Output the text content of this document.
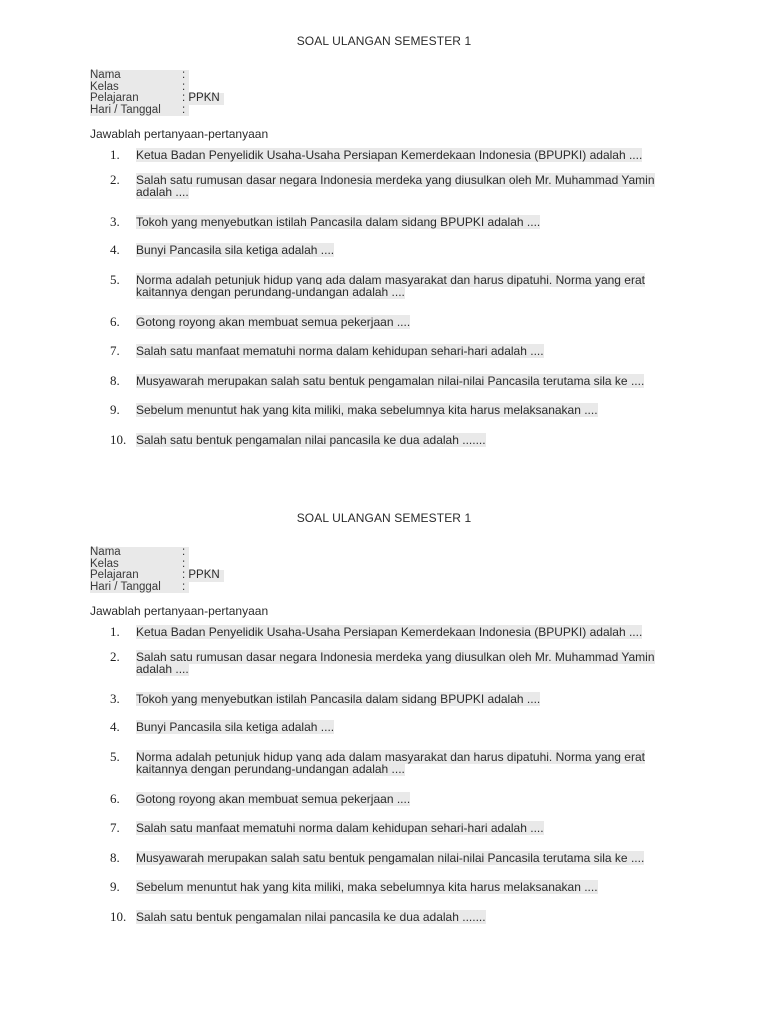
SOAL ULANGAN SEMESTER 1
Nama	:
Kelas	:
Pelajaran	: PPKN
Hari / Tanggal	:
Jawablah pertanyaan-pertanyaan
1.	Ketua Badan Penyelidik Usaha-Usaha Persiapan Kemerdekaan Indonesia (BPUPKI) adalah ....
2.	Salah satu rumusan dasar negara Indonesia merdeka yang diusulkan oleh Mr. Muhammad Yamin adalah ....
3.	Tokoh yang menyebutkan istilah Pancasila dalam sidang BPUPKI adalah ....
4.	Bunyi Pancasila sila ketiga adalah ....
5.	Norma adalah petunjuk hidup yang ada dalam masyarakat dan harus dipatuhi. Norma yang erat kaitannya dengan perundang-undangan adalah ....
6.	Gotong royong akan membuat semua pekerjaan ....
7.	Salah satu manfaat mematuhi norma dalam kehidupan sehari-hari adalah ....
8.	Musyawarah merupakan salah satu bentuk pengamalan nilai-nilai Pancasila terutama sila ke ....
9.	Sebelum menuntut hak yang kita miliki, maka sebelumnya kita harus melaksanakan ....
10. Salah satu bentuk pengamalan nilai pancasila ke dua adalah .......
SOAL ULANGAN SEMESTER 1
Nama	:
Kelas	:
Pelajaran	: PPKN
Hari / Tanggal	:
Jawablah pertanyaan-pertanyaan
1.	Ketua Badan Penyelidik Usaha-Usaha Persiapan Kemerdekaan Indonesia (BPUPKI) adalah ....
2.	Salah satu rumusan dasar negara Indonesia merdeka yang diusulkan oleh Mr. Muhammad Yamin adalah ....
3.	Tokoh yang menyebutkan istilah Pancasila dalam sidang BPUPKI adalah ....
4.	Bunyi Pancasila sila ketiga adalah ....
5.	Norma adalah petunjuk hidup yang ada dalam masyarakat dan harus dipatuhi. Norma yang erat kaitannya dengan perundang-undangan adalah ....
6.	Gotong royong akan membuat semua pekerjaan ....
7.	Salah satu manfaat mematuhi norma dalam kehidupan sehari-hari adalah ....
8.	Musyawarah merupakan salah satu bentuk pengamalan nilai-nilai Pancasila terutama sila ke ....
9.	Sebelum menuntut hak yang kita miliki, maka sebelumnya kita harus melaksanakan ....
10. Salah satu bentuk pengamalan nilai pancasila ke dua adalah .......
